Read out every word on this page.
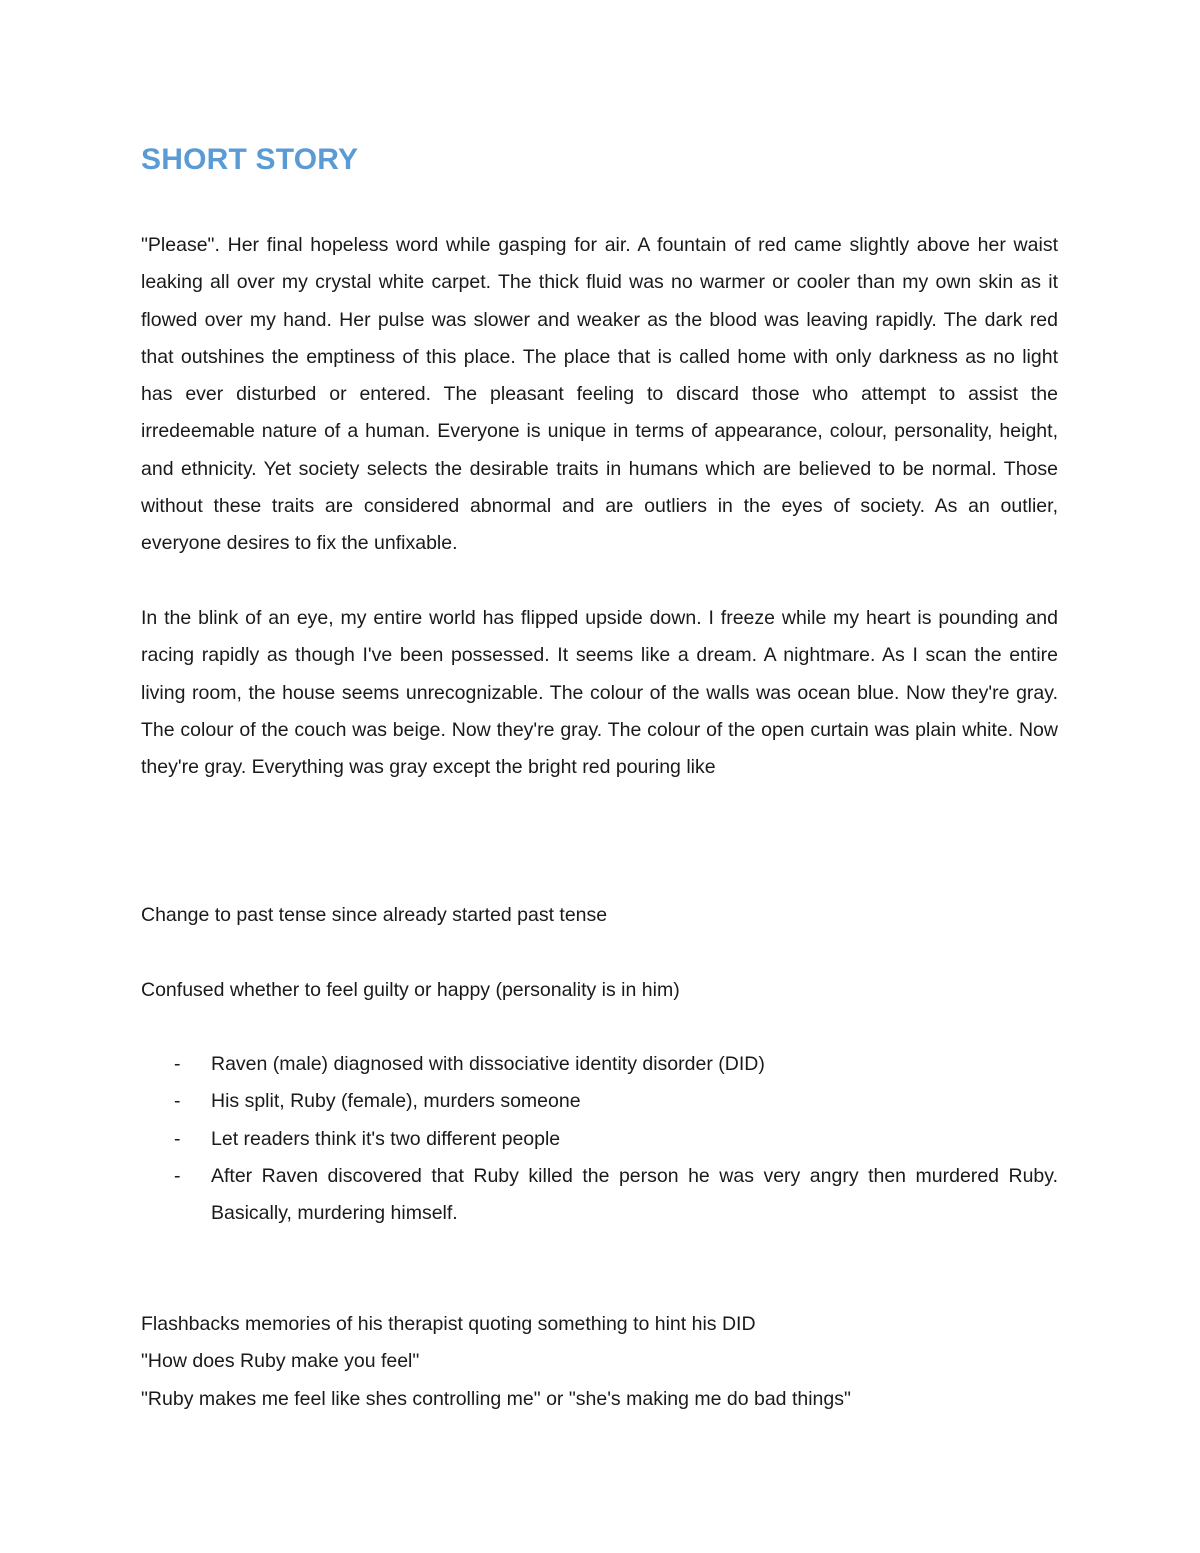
SHORT STORY

"Please". Her final hopeless word while gasping for air. A fountain of red came slightly above her waist leaking all over my crystal white carpet. The thick fluid was no warmer or cooler than my own skin as it flowed over my hand. Her pulse was slower and weaker as the blood was leaving rapidly. The dark red that outshines the emptiness of this place. The place that is called home with only darkness as no light has ever disturbed or entered. The pleasant feeling to discard those who attempt to assist the irredeemable nature of a human. Everyone is unique in terms of appearance, colour, personality, height, and ethnicity. Yet society selects the desirable traits in humans which are believed to be normal. Those without these traits are considered abnormal and are outliers in the eyes of society. As an outlier, everyone desires to fix the unfixable.

In the blink of an eye, my entire world has flipped upside down. I freeze while my heart is pounding and racing rapidly as though I've been possessed. It seems like a dream. A nightmare. As I scan the entire living room, the house seems unrecognizable. The colour of the walls was ocean blue. Now they're gray. The colour of the couch was beige. Now they're gray. The colour of the open curtain was plain white. Now they're gray. Everything was gray except the bright red pouring like

Change to past tense since already started past tense

Confused whether to feel guilty or happy (personality is in him)

- Raven (male) diagnosed with dissociative identity disorder (DID)
- His split, Ruby (female), murders someone
- Let readers think it's two different people
- After Raven discovered that Ruby killed the person he was very angry then murdered Ruby. Basically, murdering himself.
Flashbacks memories of his therapist quoting something to hint his DID
"How does Ruby make you feel"
"Ruby makes me feel like shes controlling me" or "she's making me do bad things"
